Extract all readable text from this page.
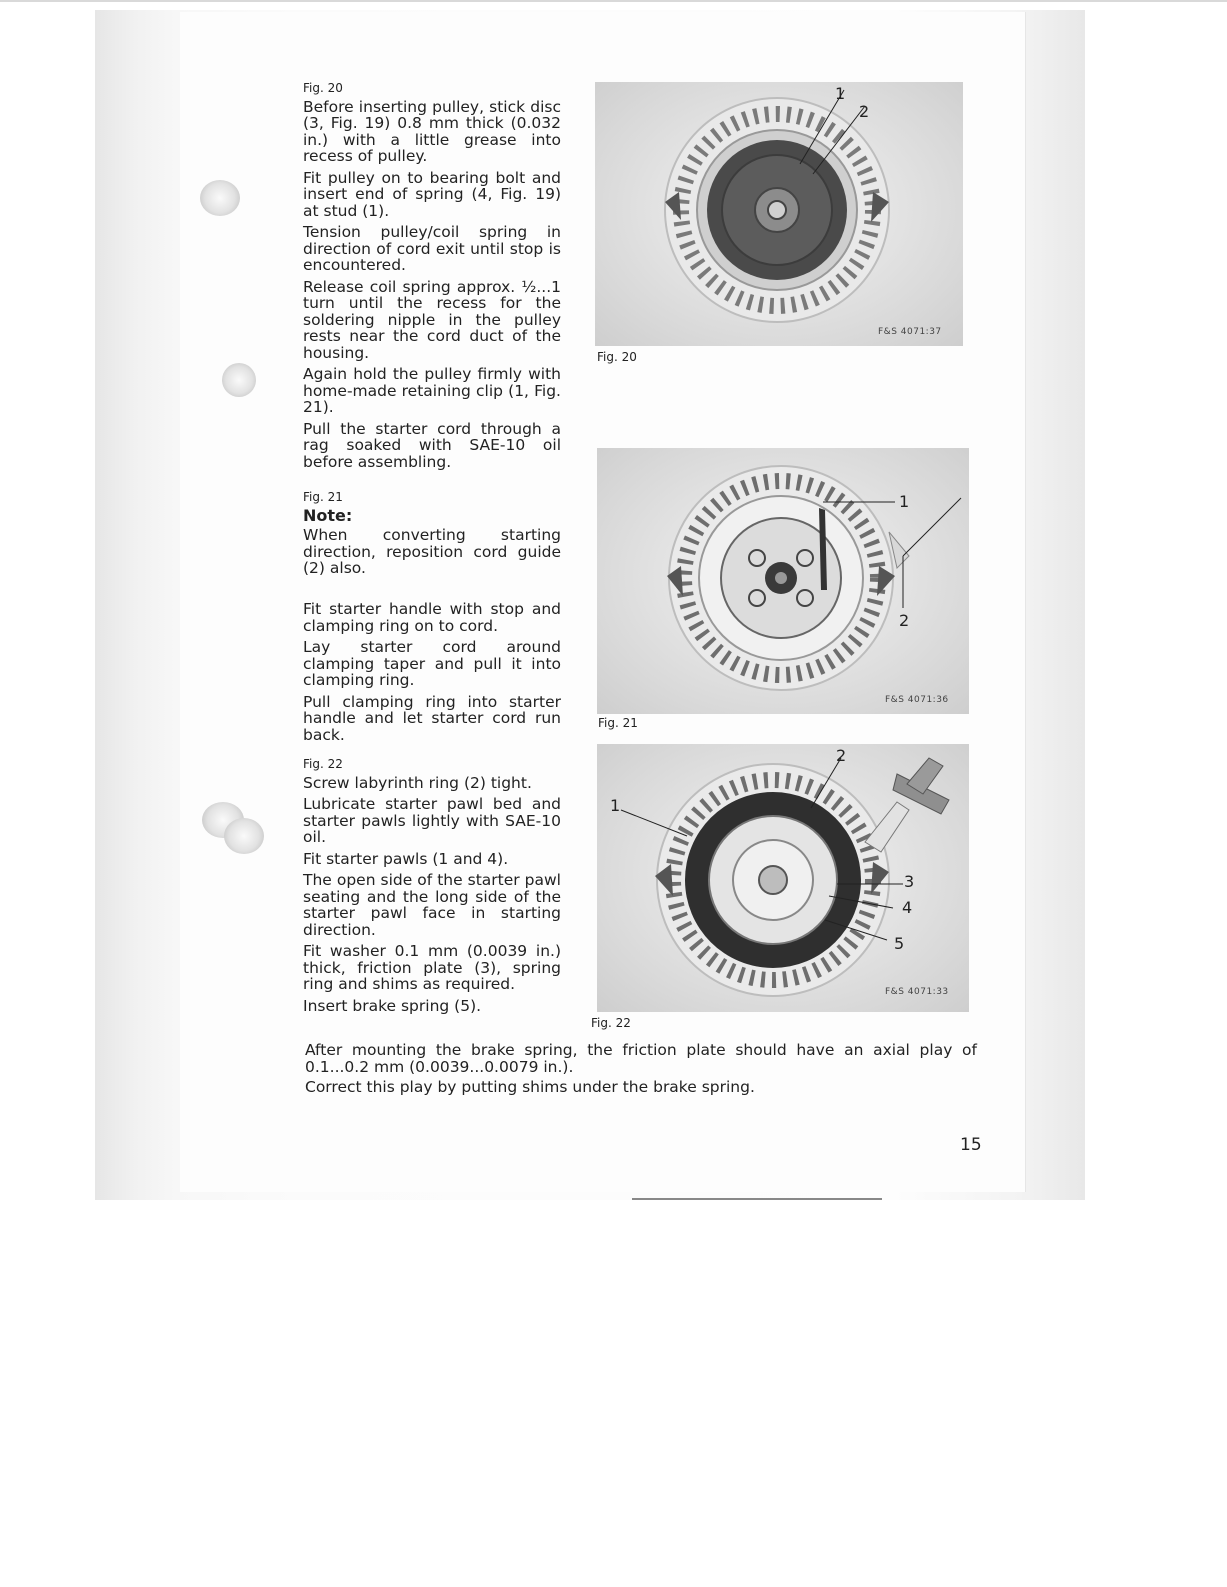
Fig. 20

Before inserting pulley, stick disc (3, Fig. 19) 0.8 mm thick (0.032 in.) with a little grease into recess of pulley.

Fit pulley on to bearing bolt and insert end of spring (4, Fig. 19) at stud (1).

Tension pulley/coil spring in direction of cord exit until stop is encountered.

Release coil spring approx. ½...1 turn until the recess for the soldering nipple in the pulley rests near the cord duct of the housing.

Again hold the pulley firmly with home-made retaining clip (1, Fig. 21).

Pull the starter cord through a rag soaked with SAE-10 oil before assembling.

Fig. 21
Note:

When converting starting direction, reposition cord guide (2) also.

Fit starter handle with stop and clamping ring on to cord.

Lay starter cord around clamping taper and pull it into clamping ring.

Pull clamping ring into starter handle and let starter cord run back.

Fig. 22

Screw labyrinth ring (2) tight.

Lubricate starter pawl bed and starter pawls lightly with SAE-10 oil.

Fit starter pawls (1 and 4).

The open side of the starter pawl seating and the long side of the starter pawl face in starting direction.

Fit washer 0.1 mm (0.0039 in.) thick, friction plate (3), spring ring and shims as required.

Insert brake spring (5).

1
2
F&S 4071:37
Fig. 20
1
2
F&S 4071:36
Fig. 21
2
1
3
4
5
F&S 4071:33
Fig. 22

After mounting the brake spring, the friction plate should have an axial play of 0.1...0.2 mm (0.0039...0.0079 in.).

Correct this play by putting shims under the brake spring.

15
